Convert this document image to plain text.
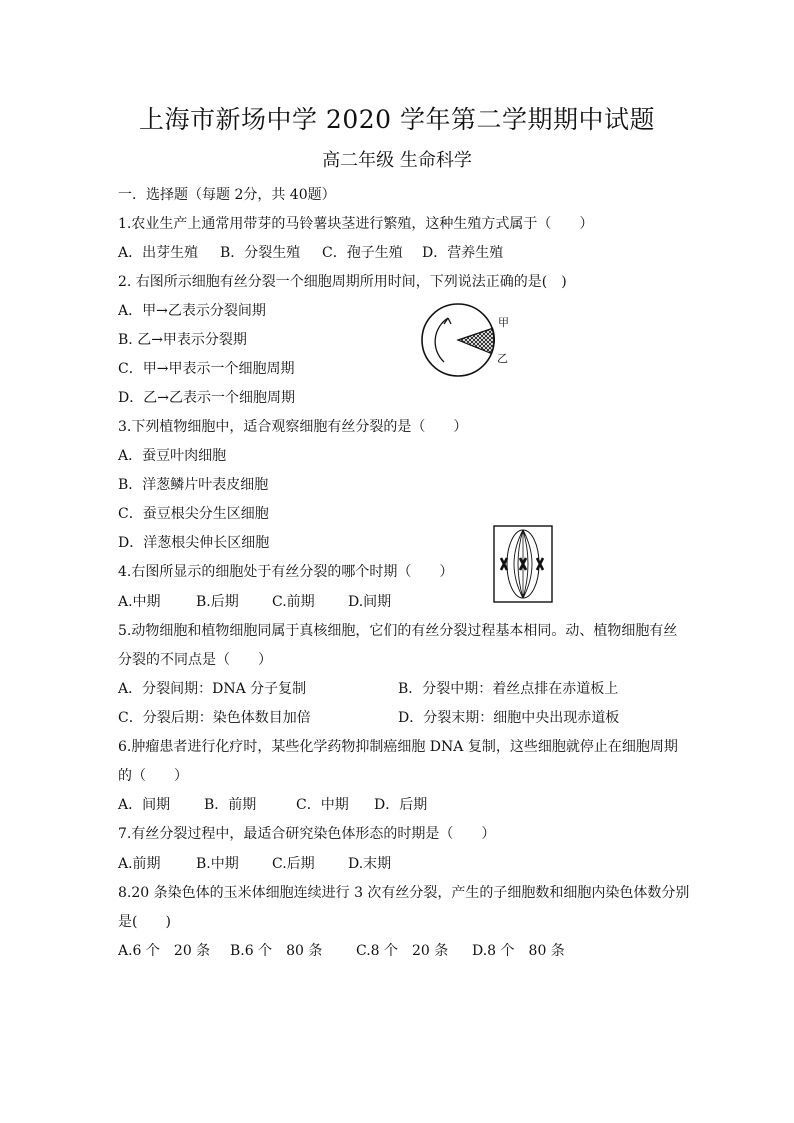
上海市新场中学 2020 学年第二学期期中试题
高二年级 生命科学
一．选择题（每题 2分，共 40题）
1.农业生产上通常用带芽的马铃薯块茎进行繁殖，这种生殖方式属于（　　）
A．出芽生殖 B．分裂生殖 C．孢子生殖 D．营养生殖
2. 右图所示细胞有丝分裂一个细胞周期所用时间，下列说法正确的是(　)
A．甲→乙表示分裂间期
B. 乙→甲表示分裂期
C．甲→甲表示一个细胞周期
D．乙→乙表示一个细胞周期
甲
乙
3.下列植物细胞中，适合观察细胞有丝分裂的是（　　）
A．蚕豆叶肉细胞
B．洋葱鳞片叶表皮细胞
C．蚕豆根尖分生区细胞
D．洋葱根尖伸长区细胞
4.右图所显示的细胞处于有丝分裂的哪个时期（　　）
A.中期	B.后期 C.前期 D.间期
5.动物细胞和植物细胞同属于真核细胞，它们的有丝分裂过程基本相同。动、植物细胞有丝
分裂的不同点是（　　）
A．分裂间期：DNA 分子复制	B．分裂中期：着丝点排在赤道板上
C．分裂后期：染色体数目加倍	D．分裂末期：细胞中央出现赤道板
6.肿瘤患者进行化疗时，某些化学药物抑制癌细胞 DNA 复制，这些细胞就停止在细胞周期
的（　　）
A．间期 B．前期	C．中期 D．后期
7.有丝分裂过程中，最适合研究染色体形态的时期是（　　）
A.前期	B.中期 C.后期 D.末期
8.20 条染色体的玉米体细胞连续进行 3 次有丝分裂，产生的子细胞数和细胞内染色体数分别
是(　　)
A.6 个　20 条 B.6 个　80 条 C.8 个　20 条 D.8 个　80 条
